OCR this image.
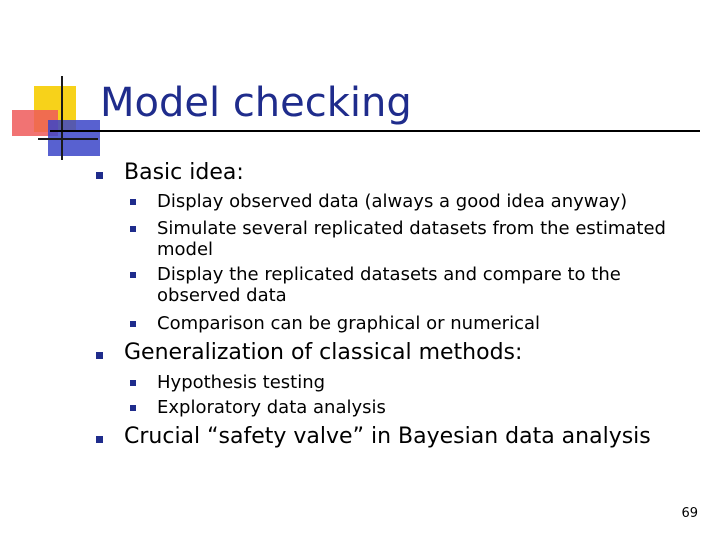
Model checking
Basic idea:
Display observed data (always a good idea anyway)
Simulate several replicated datasets from the estimated model
Display the replicated datasets and compare to the observed data
Comparison can be graphical or numerical
Generalization of classical methods:
Hypothesis testing
Exploratory data analysis
Crucial “safety valve” in Bayesian data analysis
69
